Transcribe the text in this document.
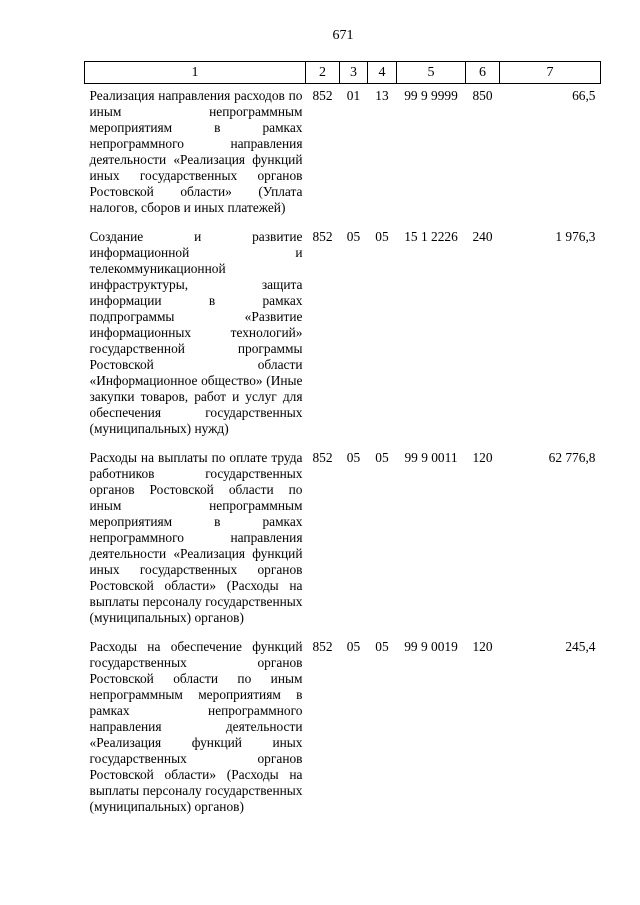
671
1	2	3	4	5	6	7
Реализация направления расходов по иным непрограммным мероприятиям в рамках непрограммного направления деятельности «Реализация функций иных государственных органов Ростовской области» (Уплата налогов, сборов и иных платежей)	852	01	13	99 9 9999	850	66,5
Создание и развитие информационной и телекоммуникационной инфраструктуры, защита информации в рамках подпрограммы «Развитие информационных технологий» государственной программы Ростовской области «Информационное общество» (Иные закупки товаров, работ и услуг для обеспечения государственных (муниципальных) нужд)	852	05	05	15 1 2226	240	1 976,3
Расходы на выплаты по оплате труда работников государственных органов Ростовской области по иным непрограммным мероприятиям в рамках непрограммного направления деятельности «Реализация функций иных государственных органов Ростовской области» (Расходы на выплаты персоналу государственных (муниципальных) органов)	852	05	05	99 9 0011	120	62 776,8
Расходы на обеспечение функций государственных органов Ростовской области по иным непрограммным мероприятиям в рамках непрограммного направления деятельности «Реализация функций иных государственных органов Ростовской области» (Расходы на выплаты персоналу государственных (муниципальных) органов)	852	05	05	99 9 0019	120	245,4
